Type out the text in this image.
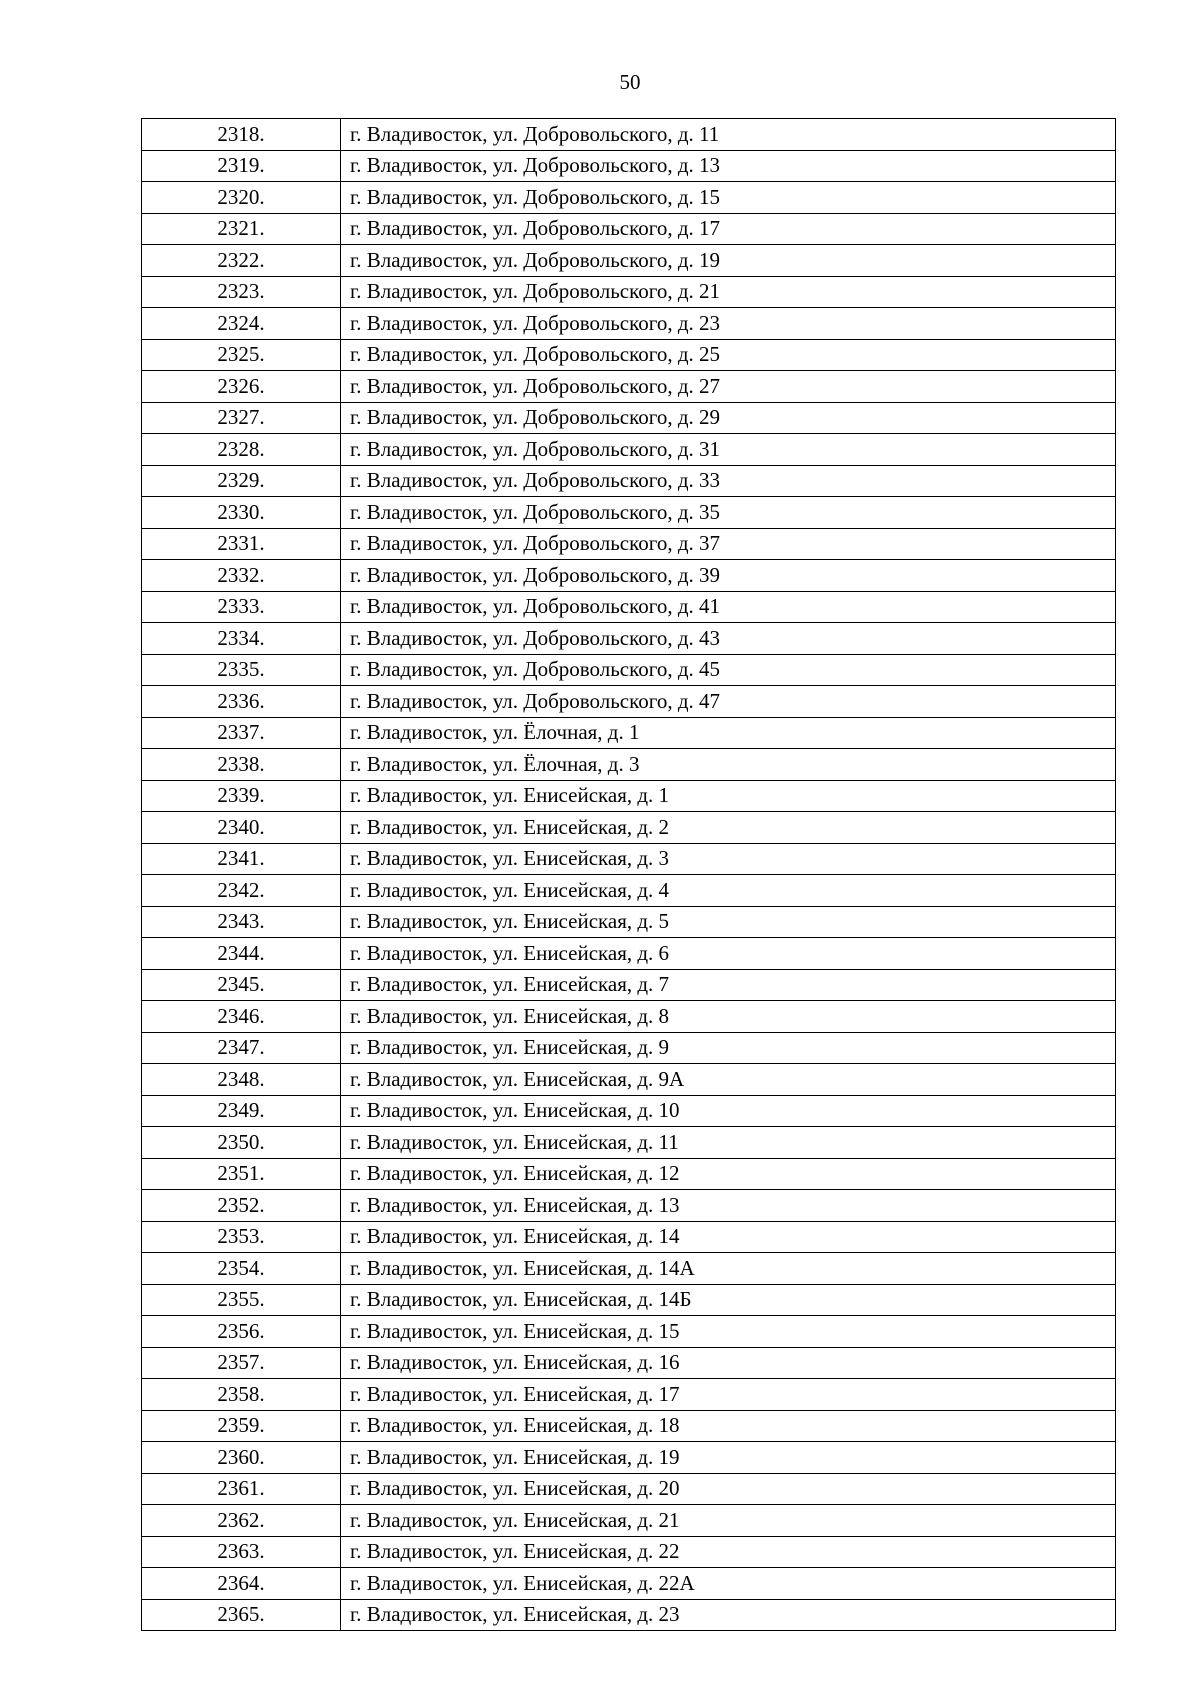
50
2318.	г. Владивосток, ул. Добровольского, д. 11
2319.	г. Владивосток, ул. Добровольского, д. 13
2320.	г. Владивосток, ул. Добровольского, д. 15
2321.	г. Владивосток, ул. Добровольского, д. 17
2322.	г. Владивосток, ул. Добровольского, д. 19
2323.	г. Владивосток, ул. Добровольского, д. 21
2324.	г. Владивосток, ул. Добровольского, д. 23
2325.	г. Владивосток, ул. Добровольского, д. 25
2326.	г. Владивосток, ул. Добровольского, д. 27
2327.	г. Владивосток, ул. Добровольского, д. 29
2328.	г. Владивосток, ул. Добровольского, д. 31
2329.	г. Владивосток, ул. Добровольского, д. 33
2330.	г. Владивосток, ул. Добровольского, д. 35
2331.	г. Владивосток, ул. Добровольского, д. 37
2332.	г. Владивосток, ул. Добровольского, д. 39
2333.	г. Владивосток, ул. Добровольского, д. 41
2334.	г. Владивосток, ул. Добровольского, д. 43
2335.	г. Владивосток, ул. Добровольского, д. 45
2336.	г. Владивосток, ул. Добровольского, д. 47
2337.	г. Владивосток, ул. Ёлочная, д. 1
2338.	г. Владивосток, ул. Ёлочная, д. 3
2339.	г. Владивосток, ул. Енисейская, д. 1
2340.	г. Владивосток, ул. Енисейская, д. 2
2341.	г. Владивосток, ул. Енисейская, д. 3
2342.	г. Владивосток, ул. Енисейская, д. 4
2343.	г. Владивосток, ул. Енисейская, д. 5
2344.	г. Владивосток, ул. Енисейская, д. 6
2345.	г. Владивосток, ул. Енисейская, д. 7
2346.	г. Владивосток, ул. Енисейская, д. 8
2347.	г. Владивосток, ул. Енисейская, д. 9
2348.	г. Владивосток, ул. Енисейская, д. 9А
2349.	г. Владивосток, ул. Енисейская, д. 10
2350.	г. Владивосток, ул. Енисейская, д. 11
2351.	г. Владивосток, ул. Енисейская, д. 12
2352.	г. Владивосток, ул. Енисейская, д. 13
2353.	г. Владивосток, ул. Енисейская, д. 14
2354.	г. Владивосток, ул. Енисейская, д. 14А
2355.	г. Владивосток, ул. Енисейская, д. 14Б
2356.	г. Владивосток, ул. Енисейская, д. 15
2357.	г. Владивосток, ул. Енисейская, д. 16
2358.	г. Владивосток, ул. Енисейская, д. 17
2359.	г. Владивосток, ул. Енисейская, д. 18
2360.	г. Владивосток, ул. Енисейская, д. 19
2361.	г. Владивосток, ул. Енисейская, д. 20
2362.	г. Владивосток, ул. Енисейская, д. 21
2363.	г. Владивосток, ул. Енисейская, д. 22
2364.	г. Владивосток, ул. Енисейская, д. 22А
2365.	г. Владивосток, ул. Енисейская, д. 23
